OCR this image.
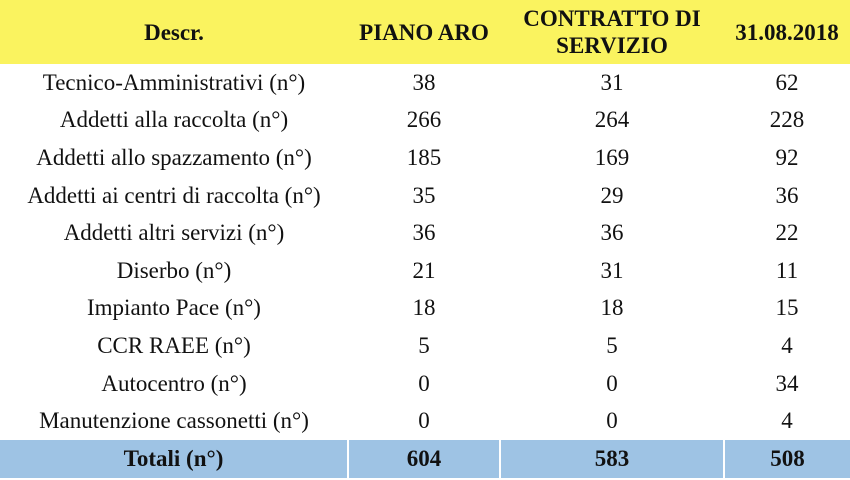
Descr.	PIANO ARO	CONTRATTO DI SERVIZIO	31.08.2018
Tecnico-Amministrativi (n°)	38	31	62
Addetti alla raccolta (n°)	266	264	228
Addetti allo spazzamento (n°)	185	169	92
Addetti ai centri di raccolta (n°)	35	29	36
Addetti altri servizi (n°)	36	36	22
Diserbo (n°)	21	31	11
Impianto Pace (n°)	18	18	15
CCR RAEE (n°)	5	5	4
Autocentro (n°)	0	0	34
Manutenzione cassonetti (n°)	0	0	4
Totali (n°)	604	583	508
